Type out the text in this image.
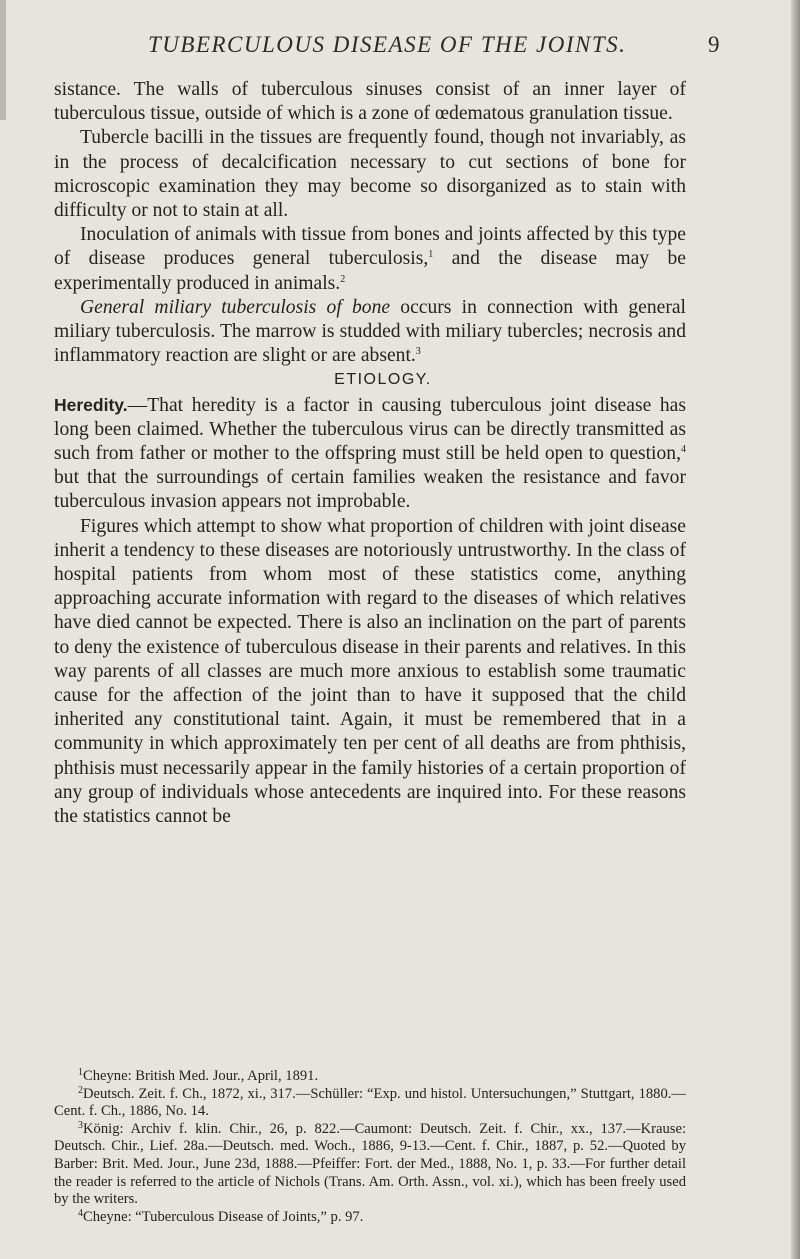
TUBERCULOUS DISEASE OF THE JOINTS.	9

sistance. The walls of tuberculous sinuses consist of an inner layer of tuberculous tissue, outside of which is a zone of œdematous granulation tissue.

Tubercle bacilli in the tissues are frequently found, though not invariably, as in the process of decalcification necessary to cut sections of bone for microscopic examination they may become so disorganized as to stain with difficulty or not to stain at all.

Inoculation of animals with tissue from bones and joints affected by this type of disease produces general tuberculosis,$^1$ and the disease may be experimentally produced in animals.$^2$

General miliary tuberculosis of bone occurs in connection with general miliary tuberculosis. The marrow is studded with miliary tubercles; necrosis and inflammatory reaction are slight or are absent.$^3$

ETIOLOGY.

Heredity.—That heredity is a factor in causing tuberculous joint disease has long been claimed. Whether the tuberculous virus can be directly transmitted as such from father or mother to the offspring must still be held open to question,$^4$ but that the surroundings of certain families weaken the resistance and favor tuberculous invasion appears not improbable.

Figures which attempt to show what proportion of children with joint disease inherit a tendency to these diseases are notoriously untrustworthy. In the class of hospital patients from whom most of these statistics come, anything approaching accurate information with regard to the diseases of which relatives have died cannot be expected. There is also an inclination on the part of parents to deny the existence of tuberculous disease in their parents and relatives. In this way parents of all classes are much more anxious to establish some traumatic cause for the affection of the joint than to have it supposed that the child inherited any constitutional taint. Again, it must be remembered that in a community in which approximately ten per cent of all deaths are from phthisis, phthisis must necessarily appear in the family histories of a certain proportion of any group of individuals whose antecedents are inquired into. For these reasons the statistics cannot be

$^1$Cheyne: British Med. Jour., April, 1891.

$^2$Deutsch. Zeit. f. Ch., 1872, xi., 317.—Schüller: “Exp. und histol. Untersuchungen,” Stuttgart, 1880.—Cent. f. Ch., 1886, No. 14.

$^3$König: Archiv f. klin. Chir., 26, p. 822.—Caumont: Deutsch. Zeit. f. Chir., xx., 137.—Krause: Deutsch. Chir., Lief. 28a.—Deutsch. med. Woch., 1886, 9-13.—Cent. f. Chir., 1887, p. 52.—Quoted by Barber: Brit. Med. Jour., June 23d, 1888.—Pfeiffer: Fort. der Med., 1888, No. 1, p. 33.—For further detail the reader is referred to the article of Nichols (Trans. Am. Orth. Assn., vol. xi.), which has been freely used by the writers.

$^4$Cheyne: “Tuberculous Disease of Joints,” p. 97.
